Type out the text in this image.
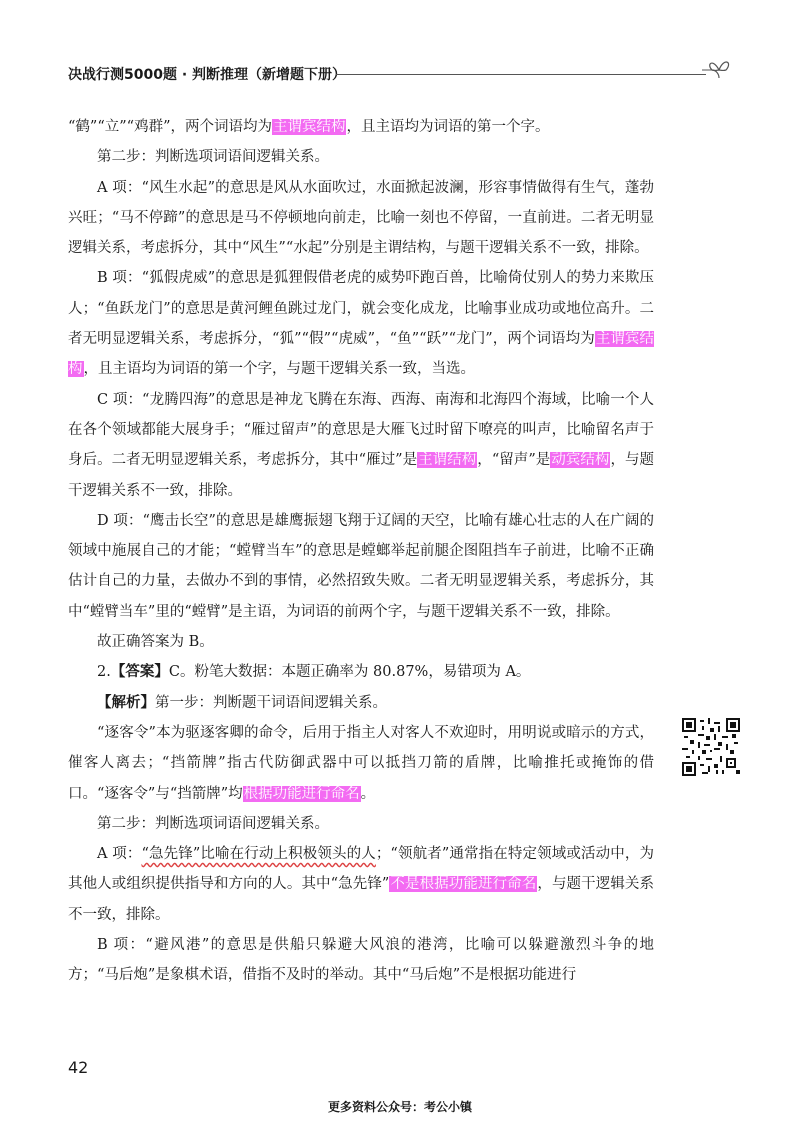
决战行测5000题 · 判断推理（新增题下册）

“鹤”“立”“鸡群”，两个词语均为主谓宾结构，且主语均为词语的第一个字。

第二步：判断选项词语间逻辑关系。

A 项：“风生水起”的意思是风从水面吹过，水面掀起波澜，形容事情做得有生气，蓬勃兴旺；“马不停蹄”的意思是马不停顿地向前走，比喻一刻也不停留，一直前进。二者无明显逻辑关系，考虑拆分，其中“风生”“水起”分别是主谓结构，与题干逻辑关系不一致，排除。

B 项：“狐假虎威”的意思是狐狸假借老虎的威势吓跑百兽，比喻倚仗别人的势力来欺压人；“鱼跃龙门”的意思是黄河鲤鱼跳过龙门，就会变化成龙，比喻事业成功或地位高升。二者无明显逻辑关系，考虑拆分，“狐”“假”“虎威”，“鱼”“跃”“龙门”，两个词语均为主谓宾结构，且主语均为词语的第一个字，与题干逻辑关系一致，当选。

C 项：“龙腾四海”的意思是神龙飞腾在东海、西海、南海和北海四个海域，比喻一个人在各个领域都能大展身手；“雁过留声”的意思是大雁飞过时留下嘹亮的叫声，比喻留名声于身后。二者无明显逻辑关系，考虑拆分，其中“雁过”是主谓结构，“留声”是动宾结构，与题干逻辑关系不一致，排除。

D 项：“鹰击长空”的意思是雄鹰振翅飞翔于辽阔的天空，比喻有雄心壮志的人在广阔的领域中施展自己的才能；“螳臂当车”的意思是螳螂举起前腿企图阻挡车子前进，比喻不正确估计自己的力量，去做办不到的事情，必然招致失败。二者无明显逻辑关系，考虑拆分，其中“螳臂当车”里的“螳臂”是主语，为词语的前两个字，与题干逻辑关系不一致，排除。

故正确答案为 B。

2.【答案】C。粉笔大数据：本题正确率为 80.87%，易错项为 A。

【解析】第一步：判断题干词语间逻辑关系。

“逐客令”本为驱逐客卿的命令，后用于指主人对客人不欢迎时，用明说或暗示的方式，催客人离去；“挡箭牌”指古代防御武器中可以抵挡刀箭的盾牌，比喻推托或掩饰的借口。“逐客令”与“挡箭牌”均根据功能进行命名。

第二步：判断选项词语间逻辑关系。

A 项：“急先锋”比喻在行动上积极领头的人；“领航者”通常指在特定领域或活动中，为其他人或组织提供指导和方向的人。其中“急先锋”不是根据功能进行命名，与题干逻辑关系不一致，排除。

B 项：“避风港”的意思是供船只躲避大风浪的港湾，比喻可以躲避激烈斗争的地方；“马后炮”是象棋术语，借指不及时的举动。其中“马后炮”不是根据功能进行

42
更多资料公众号：考公小镇
